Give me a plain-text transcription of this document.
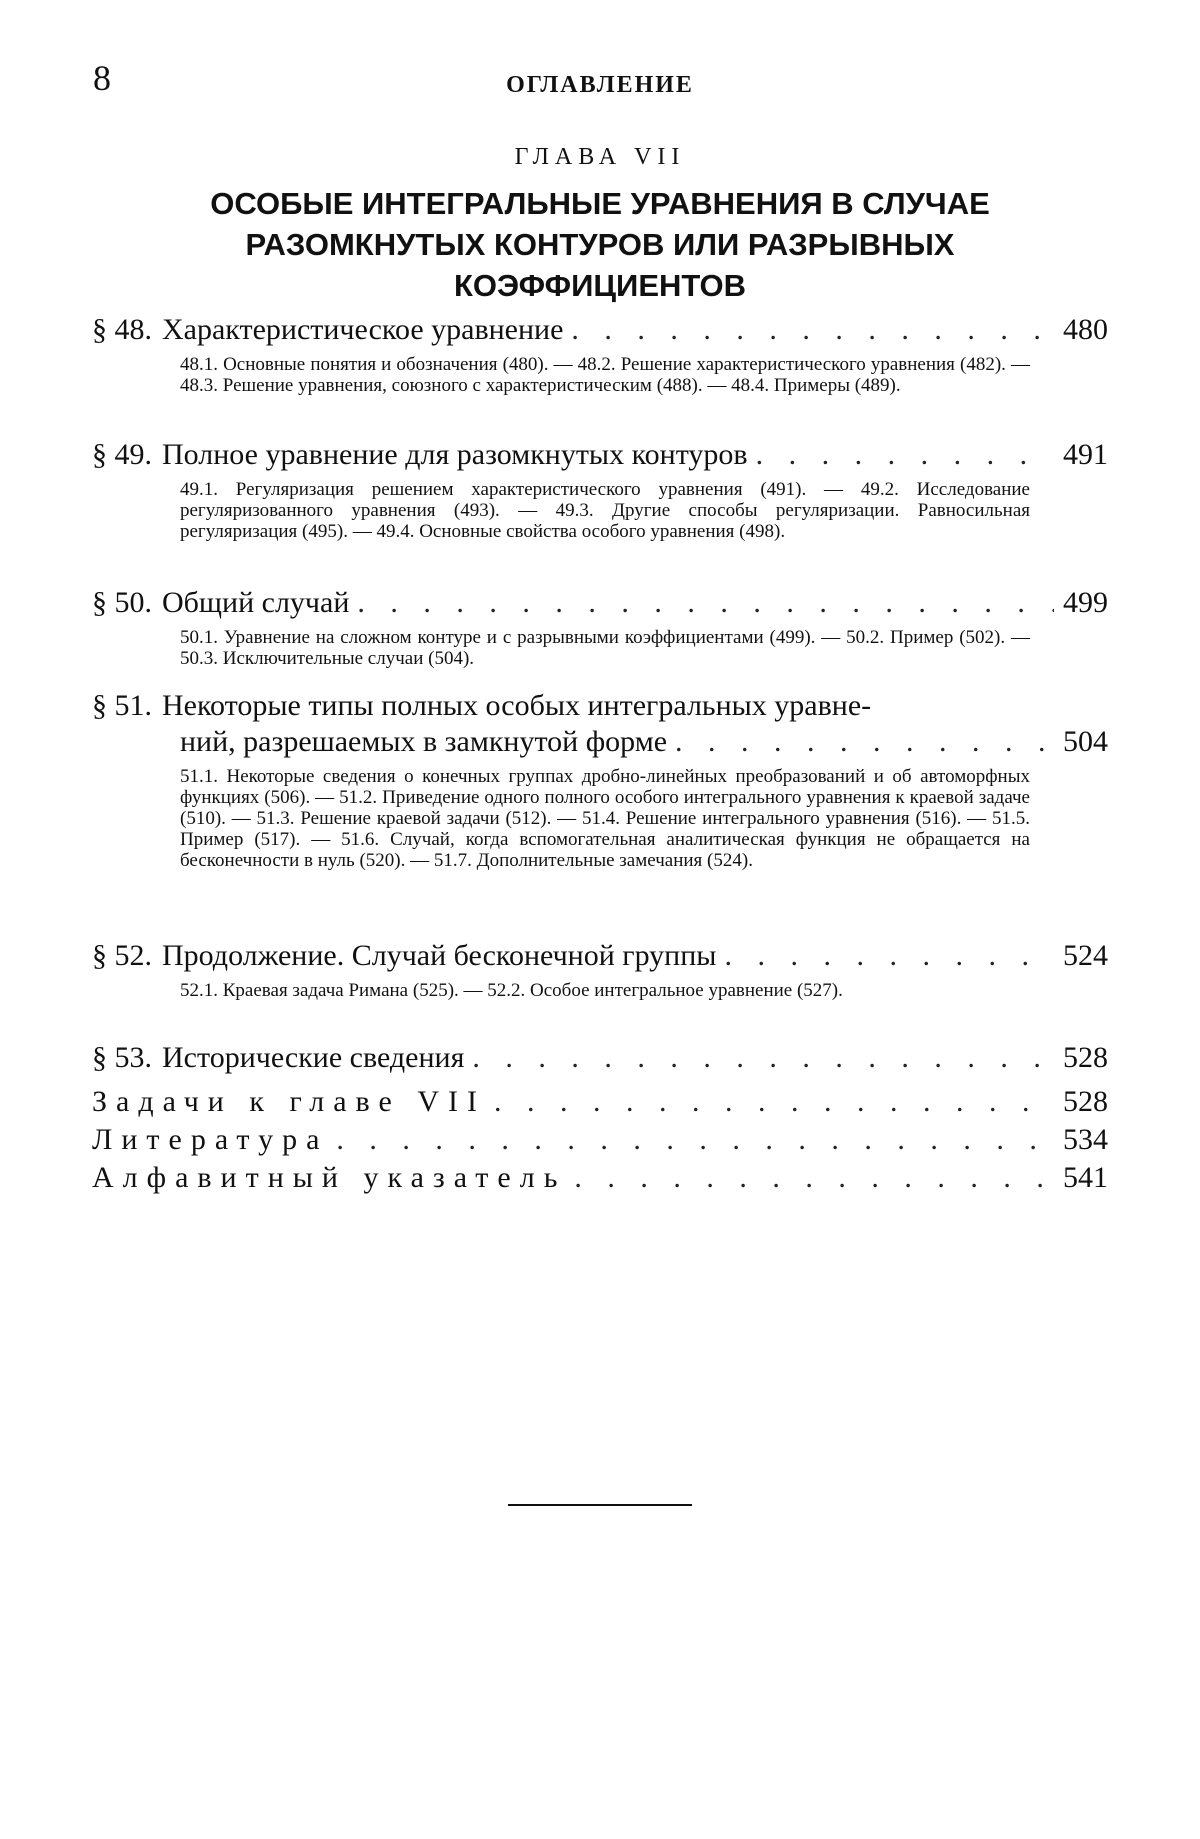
8	ОГЛАВЛЕНИЕ
ГЛАВА VII
ОСОБЫЕ ИНТЕГРАЛЬНЫЕ УРАВНЕНИЯ В СЛУЧАЕ
РАЗОМКНУТЫХ КОНТУРОВ ИЛИ РАЗРЫВНЫХ
КОЭФФИЦИЕНТОВ
§ 48. Характеристическое уравнение . . .	480
48.1. Основные понятия и обозначения (480). — 48.2. Решение характеристического уравнения (482). — 48.3. Решение уравнения, союзного с характеристическим (488). — 48.4. Примеры (489).
§ 49. Полное уравнение для разомкнутых контуров . . .	491
49.1. Регуляризация решением характеристического уравнения (491). — 49.2. Исследование регуляризованного уравнения (493). — 49.3. Другие способы регуляризации. Равносильная регуляризация (495). — 49.4. Основные свойства особого уравнения (498).
§ 50. Общий случай . . .	499
50.1. Уравнение на сложном контуре и с разрывными коэффициентами (499). — 50.2. Пример (502). — 50.3. Исключительные случаи (504).
§ 51. Некоторые типы полных особых интегральных уравне-
ний, разрешаемых в замкнутой форме . . .	504
51.1. Некоторые сведения о конечных группах дробно-линейных преобразований и об автоморфных функциях (506). — 51.2. Приведение одного полного особого интегрального уравнения к краевой задаче (510). — 51.3. Решение краевой задачи (512). — 51.4. Решение интегрального уравнения (516). — 51.5. Пример (517). — 51.6. Случай, когда вспомогательная аналитическая функция не обращается на бесконечности в нуль (520). — 51.7. Дополнительные замечания (524).
§ 52. Продолжение. Случай бесконечной группы . . .	524
52.1. Краевая задача Римана (525). — 52.2. Особое интегральное уравнение (527).
§ 53. Исторические сведения . . .	528
Задачи к главе VII . . .	528
Литература . . .	534
Алфавитный указатель . . .	541
